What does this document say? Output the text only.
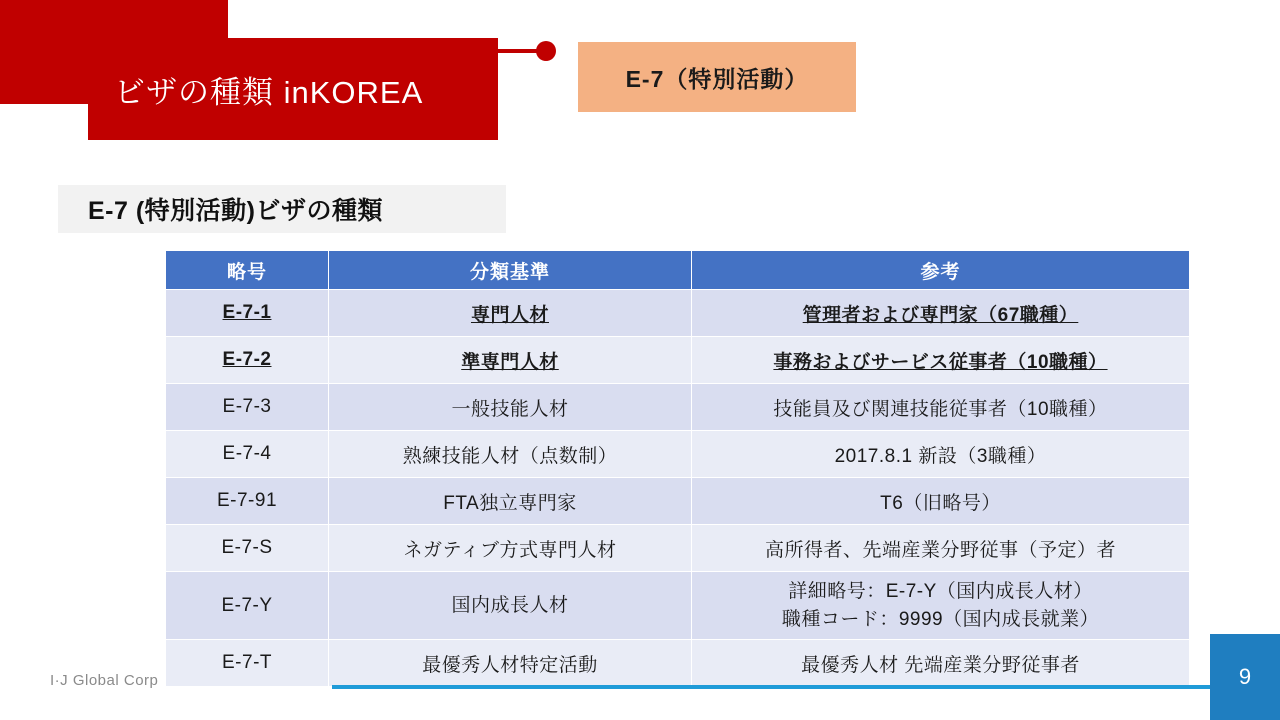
ビザの種類 inKOREA	E-7（特別活動）
E-7 (特別活動)ビザの種類
略号	分類基準	参考
E-7-1	専門人材	管理者および専門家（67職種）
E-7-2	準専門人材	事務およびサービス従事者（10職種）
E-7-3	一般技能人材	技能員及び関連技能従事者（10職種）
E-7-4	熟練技能人材（点数制）	2017.8.1 新設（3職種）
E-7-91	FTA独立専門家	T6（旧略号）
E-7-S	ネガティブ方式専門人材	高所得者、先端産業分野従事（予定）者
E-7-Y	国内成長人材	詳細略号：E-7-Y（国内成長人材）
職種コード：9999（国内成長就業）
E-7-T	最優秀人材特定活動	最優秀人材 先端産業分野従事者
I·J Global Corp	9
